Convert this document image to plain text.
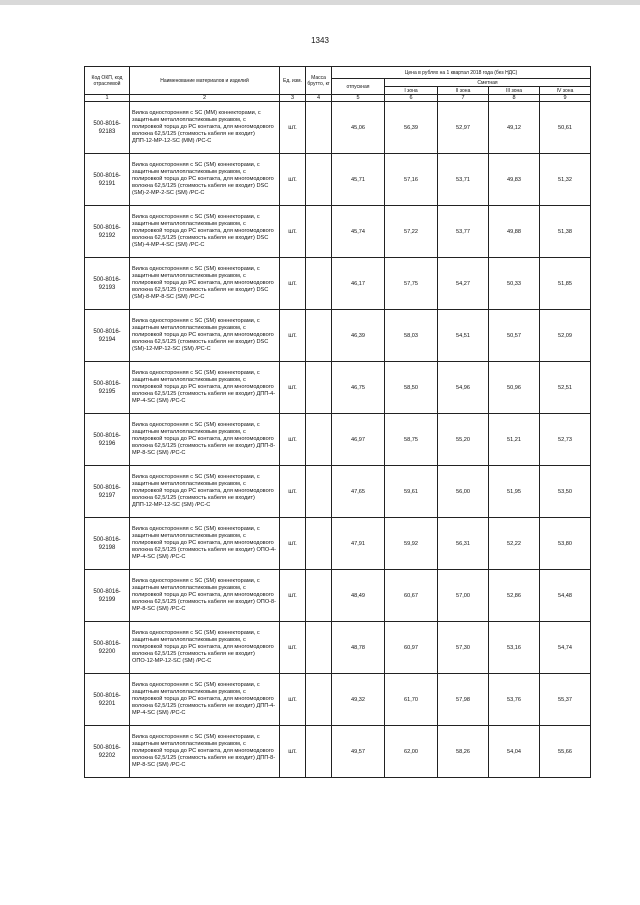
1343
Код ОКП, код отраслевой	Наименование материалов и изделий	Ед. изм.	Масса брутто, кг	Цена в рублях на 1 квартал 2018 года (без НДС)				
				отпускная	Сметная			
					I зона	II зона	III зона	IV зона
1	2	3	4	5	6	7	8	9
500-8016-92183	Вилка односторонняя с SC (MM) коннекторами, с защитным металлопластиковым рукавом, с полировкой торца до PC контакта, для многомодового волокна 62,5/125 (стоимость кабеля не входит) ДПП-12-MP-12-SC (MM) /PC-C	шт.		45,06	56,39	52,97	49,12	50,61
500-8016-92191	Вилка односторонняя с SC (SM) коннекторами, с защитным металлопластиковым рукавом, с полировкой торца до PC контакта, для многомодового волокна 62,5/125 (стоимость кабеля не входит) DSC (SM)-2-MP-2-SC (SM) /PC-C	шт.		45,71	57,16	53,71	49,83	51,32
500-8016-92192	Вилка односторонняя с SC (SM) коннекторами, с защитным металлопластиковым рукавом, с полировкой торца до PC контакта, для многомодового волокна 62,5/125 (стоимость кабеля не входит) DSC (SM)-4-MP-4-SC (SM) /PC-C	шт.		45,74	57,22	53,77	49,88	51,38
500-8016-92193	Вилка односторонняя с SC (SM) коннекторами, с защитным металлопластиковым рукавом, с полировкой торца до PC контакта, для многомодового волокна 62,5/125 (стоимость кабеля не входит) DSC (SM)-8-MP-8-SC (SM) /PC-C	шт.		46,17	57,75	54,27	50,33	51,85
500-8016-92194	Вилка односторонняя с SC (SM) коннекторами, с защитным металлопластиковым рукавом, с полировкой торца до PC контакта, для многомодового волокна 62,5/125 (стоимость кабеля не входит) DSC (SM)-12-MP-12-SC (SM) /PC-C	шт.		46,39	58,03	54,51	50,57	52,09
500-8016-92195	Вилка односторонняя с SC (SM) коннекторами, с защитным металлопластиковым рукавом, с полировкой торца до PC контакта, для многомодового волокна 62,5/125 (стоимость кабеля не входит) ДПП-4-MP-4-SC (SM) /PC-C	шт.		46,75	58,50	54,96	50,96	52,51
500-8016-92196	Вилка односторонняя с SC (SM) коннекторами, с защитным металлопластиковым рукавом, с полировкой торца до PC контакта, для многомодового волокна 62,5/125 (стоимость кабеля не входит) ДПП-8-MP-8-SC (SM) /PC-C	шт.		46,97	58,75	55,20	51,21	52,73
500-8016-92197	Вилка односторонняя с SC (SM) коннекторами, с защитным металлопластиковым рукавом, с полировкой торца до PC контакта, для многомодового волокна 62,5/125 (стоимость кабеля не входит) ДПП-12-MP-12-SC (SM) /PC-C	шт.		47,65	59,61	56,00	51,95	53,50
500-8016-92198	Вилка односторонняя с SC (SM) коннекторами, с защитным металлопластиковым рукавом, с полировкой торца до PC контакта, для многомодового волокна 62,5/125 (стоимость кабеля не входит) ОПО-4-MP-4-SC (SM) /PC-C	шт.		47,91	59,92	56,31	52,22	53,80
500-8016-92199	Вилка односторонняя с SC (SM) коннекторами, с защитным металлопластиковым рукавом, с полировкой торца до PC контакта, для многомодового волокна 62,5/125 (стоимость кабеля не входит) ОПО-8-MP-8-SC (SM) /PC-C	шт.		48,49	60,67	57,00	52,86	54,48
500-8016-92200	Вилка односторонняя с SC (SM) коннекторами, с защитным металлопластиковым рукавом, с полировкой торца до PC контакта, для многомодового волокна 62,5/125 (стоимость кабеля не входит) ОПО-12-MP-12-SC (SM) /PC-C	шт.		48,78	60,97	57,30	53,16	54,74
500-8016-92201	Вилка односторонняя с SC (SM) коннекторами, с защитным металлопластиковым рукавом, с полировкой торца до PC контакта, для многомодового волокна 62,5/125 (стоимость кабеля не входит) ДПП-4-MP-4-SC (SM) /PC-C	шт.		49,32	61,70	57,98	53,76	55,37
500-8016-92202	Вилка односторонняя с SC (SM) коннекторами, с защитным металлопластиковым рукавом, с полировкой торца до PC контакта, для многомодового волокна 62,5/125 (стоимость кабеля не входит) ДПП-8-MP-8-SC (SM) /PC-C	шт.		49,57	62,00	58,26	54,04	55,66
